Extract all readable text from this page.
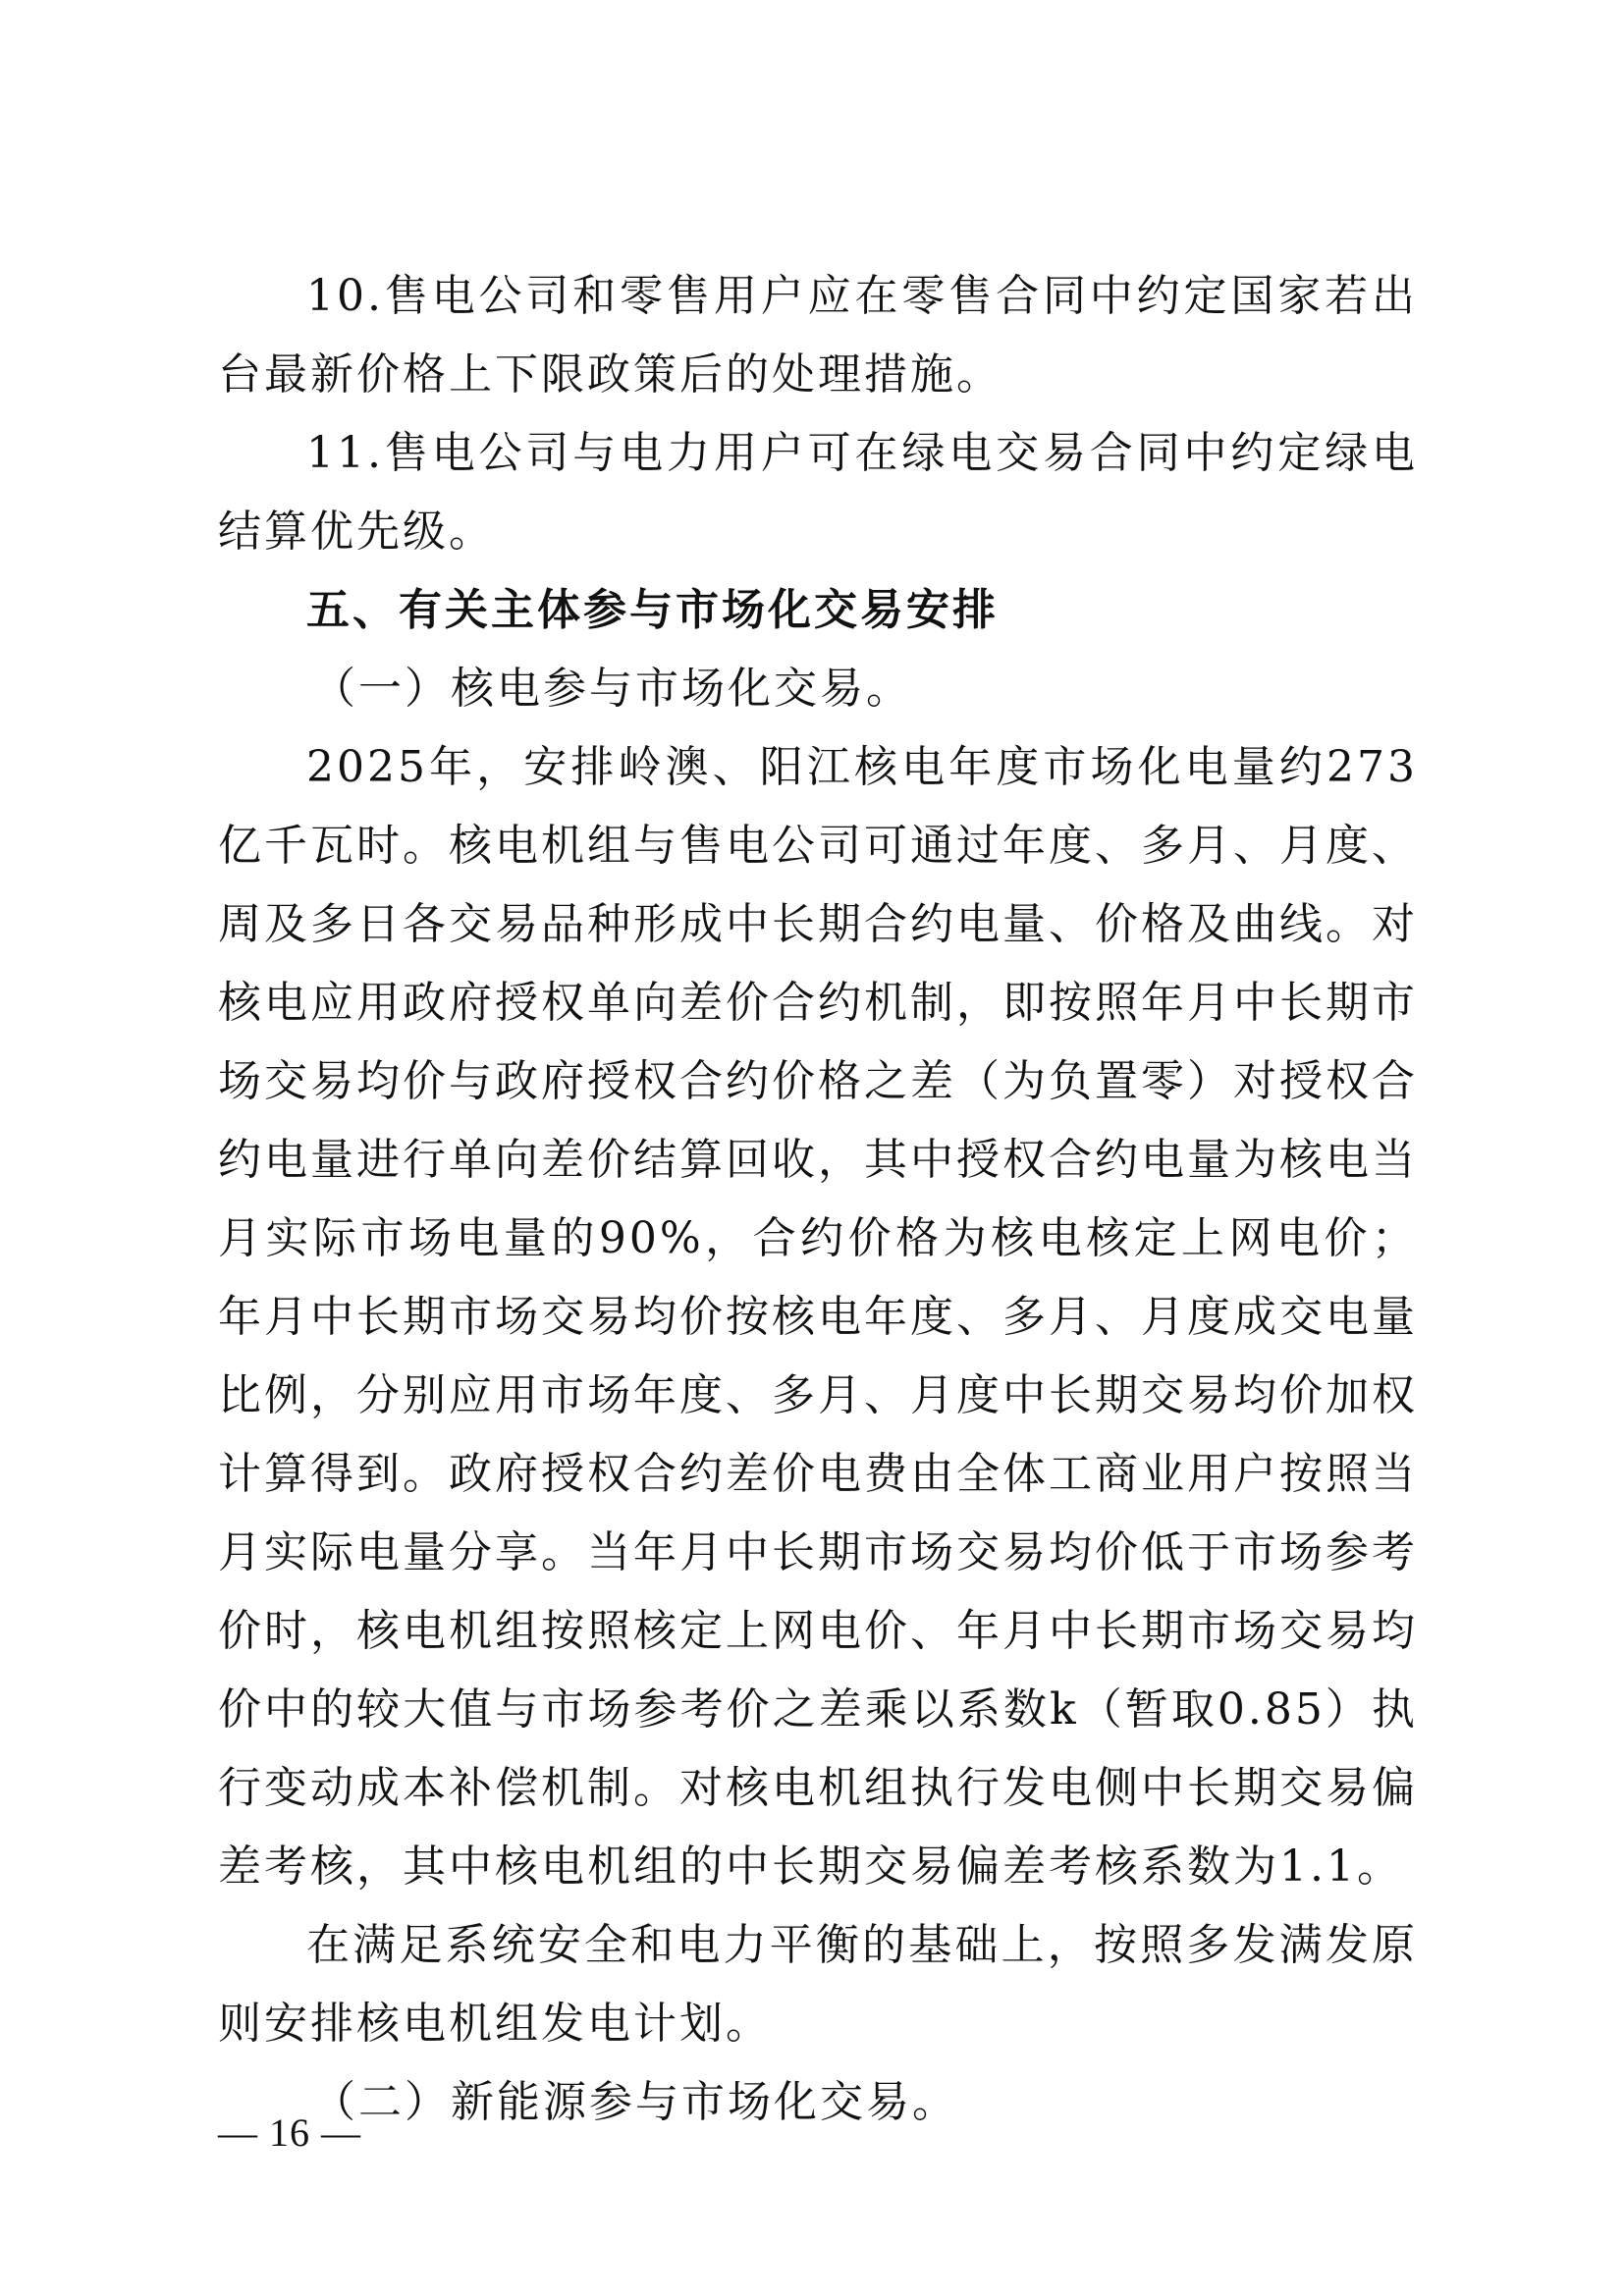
10.售电公司和零售用户应在零售合同中约定国家若出台最新价格上下限政策后的处理措施。

11.售电公司与电力用户可在绿电交易合同中约定绿电结算优先级。

五、有关主体参与市场化交易安排

（一）核电参与市场化交易。

2025年，安排岭澳、阳江核电年度市场化电量约273亿千瓦时。核电机组与售电公司可通过年度、多月、月度、周及多日各交易品种形成中长期合约电量、价格及曲线。对核电应用政府授权单向差价合约机制，即按照年月中长期市场交易均价与政府授权合约价格之差（为负置零）对授权合约电量进行单向差价结算回收，其中授权合约电量为核电当月实际市场电量的90%，合约价格为核电核定上网电价；年月中长期市场交易均价按核电年度、多月、月度成交电量比例，分别应用市场年度、多月、月度中长期交易均价加权计算得到。政府授权合约差价电费由全体工商业用户按照当月实际电量分享。当年月中长期市场交易均价低于市场参考价时，核电机组按照核定上网电价、年月中长期市场交易均价中的较大值与市场参考价之差乘以系数k（暂取0.85）执行变动成本补偿机制。对核电机组执行发电侧中长期交易偏差考核，其中核电机组的中长期交易偏差考核系数为1.1。

在满足系统安全和电力平衡的基础上，按照多发满发原则安排核电机组发电计划。

（二）新能源参与市场化交易。

— 16 —
